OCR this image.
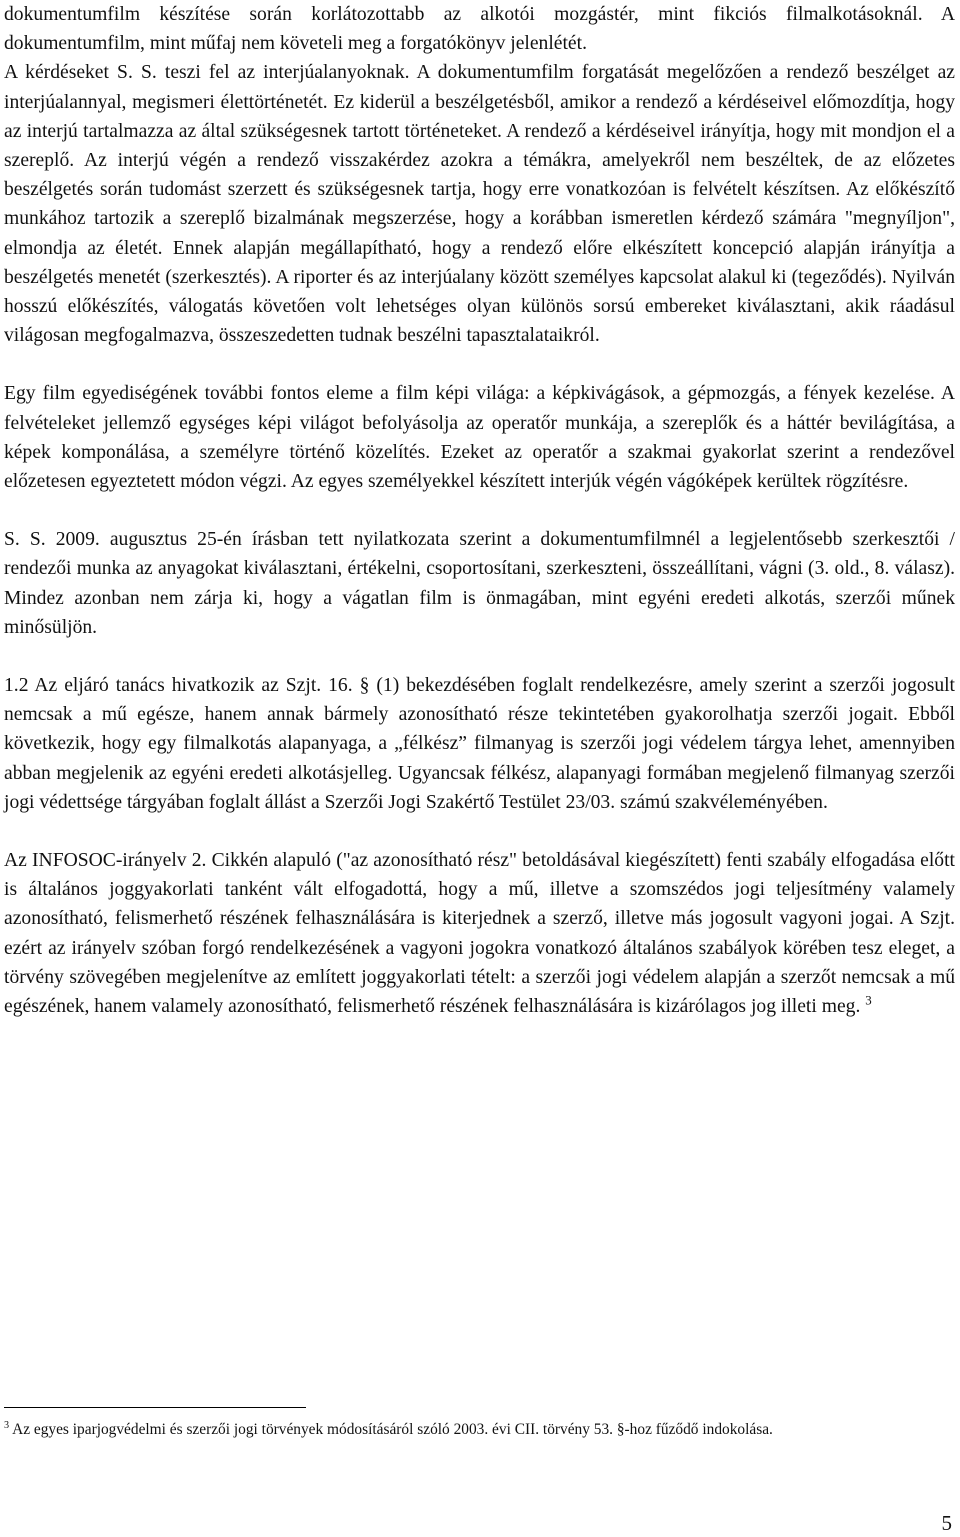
dokumentumfilm készítése során korlátozottabb az alkotói mozgástér, mint fikciós filmalkotásoknál. A dokumentumfilm, mint műfaj nem követeli meg a forgatókönyv jelenlétét.

A kérdéseket S. S. teszi fel az interjúalanyoknak. A dokumentumfilm forgatását megelőzően a rendező beszélget az interjúalannyal, megismeri élettörténetét. Ez kiderül a beszélgetésből, amikor a rendező a kérdéseivel előmozdítja, hogy az interjú tartalmazza az által szükségesnek tartott történeteket. A rendező a kérdéseivel irányítja, hogy mit mondjon el a szereplő. Az interjú végén a rendező visszakérdez azokra a témákra, amelyekről nem beszéltek, de az előzetes beszélgetés során tudomást szerzett és szükségesnek tartja, hogy erre vonatkozóan is felvételt készítsen. Az előkészítő munkához tartozik a szereplő bizalmának megszerzése, hogy a korábban ismeretlen kérdező számára "megnyíljon", elmondja az életét. Ennek alapján megállapítható, hogy a rendező előre elkészített koncepció alapján irányítja a beszélgetés menetét (szerkesztés). A riporter és az interjúalany között személyes kapcsolat alakul ki (tegeződés). Nyilván hosszú előkészítés, válogatás követően volt lehetséges olyan különös sorsú embereket kiválasztani, akik ráadásul világosan megfogalmazva, összeszedetten tudnak beszélni tapasztalataikról.

Egy film egyediségének további fontos eleme a film képi világa: a képkivágások, a gépmozgás, a fények kezelése. A felvételeket jellemző egységes képi világot befolyásolja az operatőr munkája, a szereplők és a háttér bevilágítása, a képek komponálása, a személyre történő közelítés. Ezeket az operatőr a szakmai gyakorlat szerint a rendezővel előzetesen egyeztetett módon végzi. Az egyes személyekkel készített interjúk végén vágóképek kerültek rögzítésre.

S. S. 2009. augusztus 25-én írásban tett nyilatkozata szerint a dokumentumfilmnél a legjelentősebb szerkesztői / rendezői munka az anyagokat kiválasztani, értékelni, csoportosítani, szerkeszteni, összeállítani, vágni (3. old., 8. válasz). Mindez azonban nem zárja ki, hogy a vágatlan film is önmagában, mint egyéni eredeti alkotás, szerzői műnek minősüljön.

1.2 Az eljáró tanács hivatkozik az Szjt. 16. § (1) bekezdésében foglalt rendelkezésre, amely szerint a szerzői jogosult nemcsak a mű egésze, hanem annak bármely azonosítható része tekintetében gyakorolhatja szerzői jogait. Ebből következik, hogy egy filmalkotás alapanyaga, a „félkész” filmanyag is szerzői jogi védelem tárgya lehet, amennyiben abban megjelenik az egyéni eredeti alkotásjelleg. Ugyancsak félkész, alapanyagi formában megjelenő filmanyag szerzői jogi védettsége tárgyában foglalt állást a Szerzői Jogi Szakértő Testület 23/03. számú szakvéleményében.

Az INFOSOC-irányelv 2. Cikkén alapuló ("az azonosítható rész" betoldásával kiegészített) fenti szabály elfogadása előtt is általános joggyakorlati tanként vált elfogadottá, hogy a mű, illetve a szomszédos jogi teljesítmény valamely azonosítható, felismerhető részének felhasználására is kiterjednek a szerző, illetve más jogosult vagyoni jogai. A Szjt. ezért az irányelv szóban forgó rendelkezésének a vagyoni jogokra vonatkozó általános szabályok körében tesz eleget, a törvény szövegében megjelenítve az említett joggyakorlati tételt: a szerzői jogi védelem alapján a szerzőt nemcsak a mű egészének, hanem valamely azonosítható, felismerhető részének felhasználására is kizárólagos jog illeti meg. $^3$

$^3$ Az egyes iparjogvédelmi és szerzői jogi törvények módosításáról szóló 2003. évi CII. törvény 53. §-hoz fűződő indokolása.

5
